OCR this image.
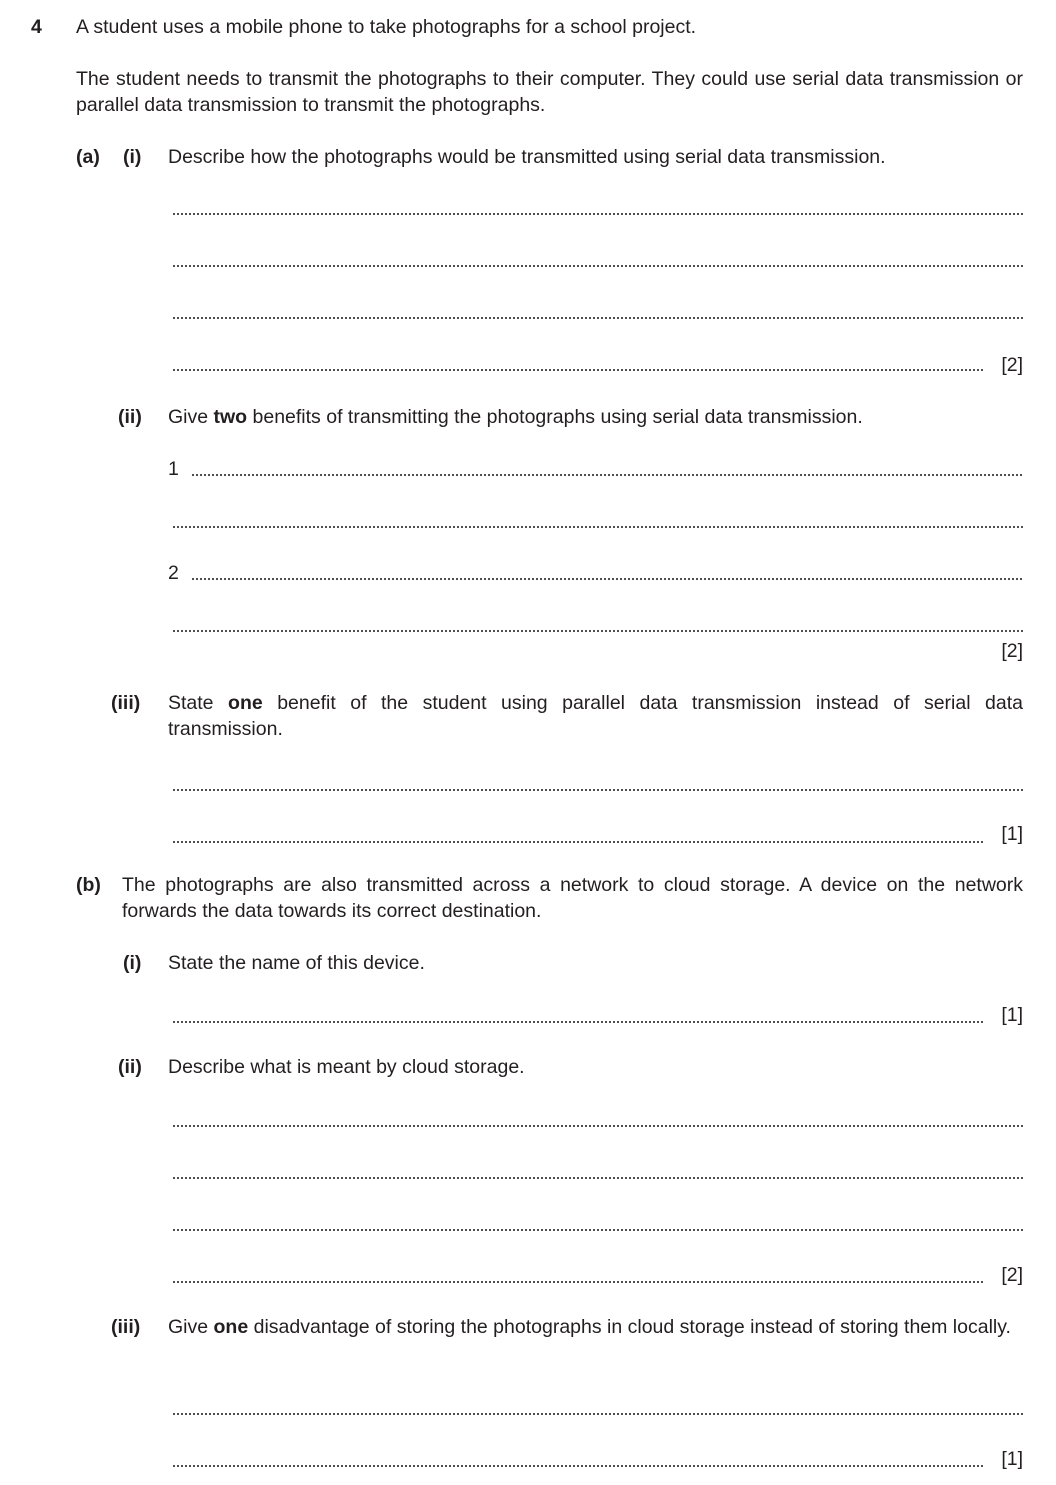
4 A student uses a mobile phone to take photographs for a school project.
The student needs to transmit the photographs to their computer. They could use serial data transmission or parallel data transmission to transmit the photographs.
(a) (i) Describe how the photographs would be transmitted using serial data transmission.
[2]
(ii) Give two benefits of transmitting the photographs using serial data transmission.
1
2
[2]
(iii) State one benefit of the student using parallel data transmission instead of serial data transmission.
[1]
(b) The photographs are also transmitted across a network to cloud storage. A device on the network forwards the data towards its correct destination.
(i) State the name of this device.
[1]
(ii) Describe what is meant by cloud storage.
[2]
(iii) Give one disadvantage of storing the photographs in cloud storage instead of storing them locally.
[1]
